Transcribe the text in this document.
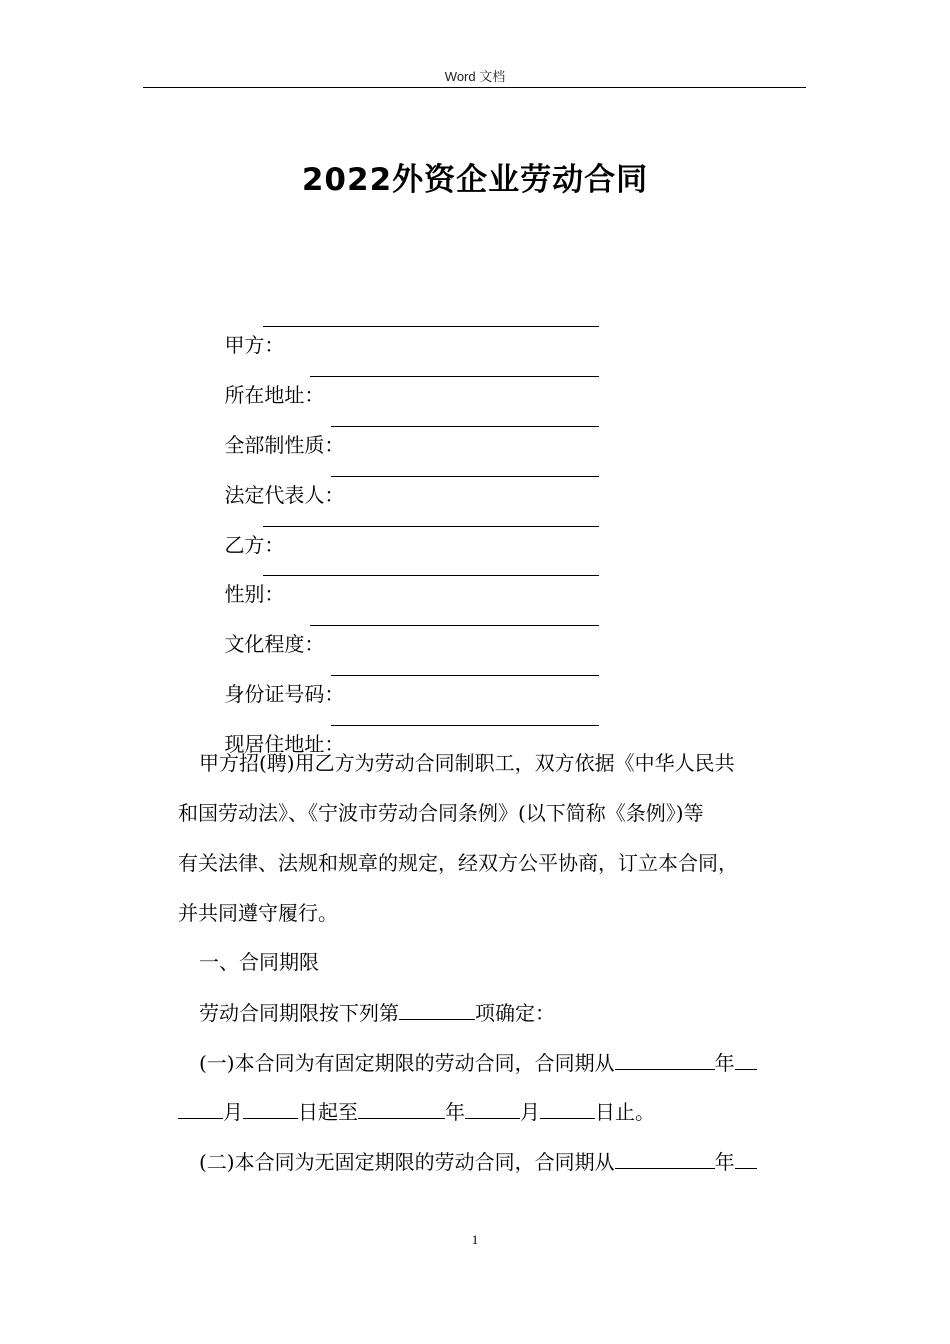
Word 文档
2022外资企业劳动合同

甲方：

所在地址：

全部制性质：

法定代表人：

乙方：

性别：

文化程度：

身份证号码：

现居住地址：

甲方招(聘)用乙方为劳动合同制职工，双方依据《中华人民共
和国劳动法》、《宁波市劳动合同条例》(以下简称《条例》)等
有关法律、法规和规章的规定，经双方公平协商，订立本合同，
并共同遵守履行。
一、合同期限
劳动合同期限按下列第	项确定：
(一)本合同为有固定期限的劳动合同，合同期从	年
月	日起至	年	月	日止。
(二)本合同为无固定期限的劳动合同，合同期从	年
1
